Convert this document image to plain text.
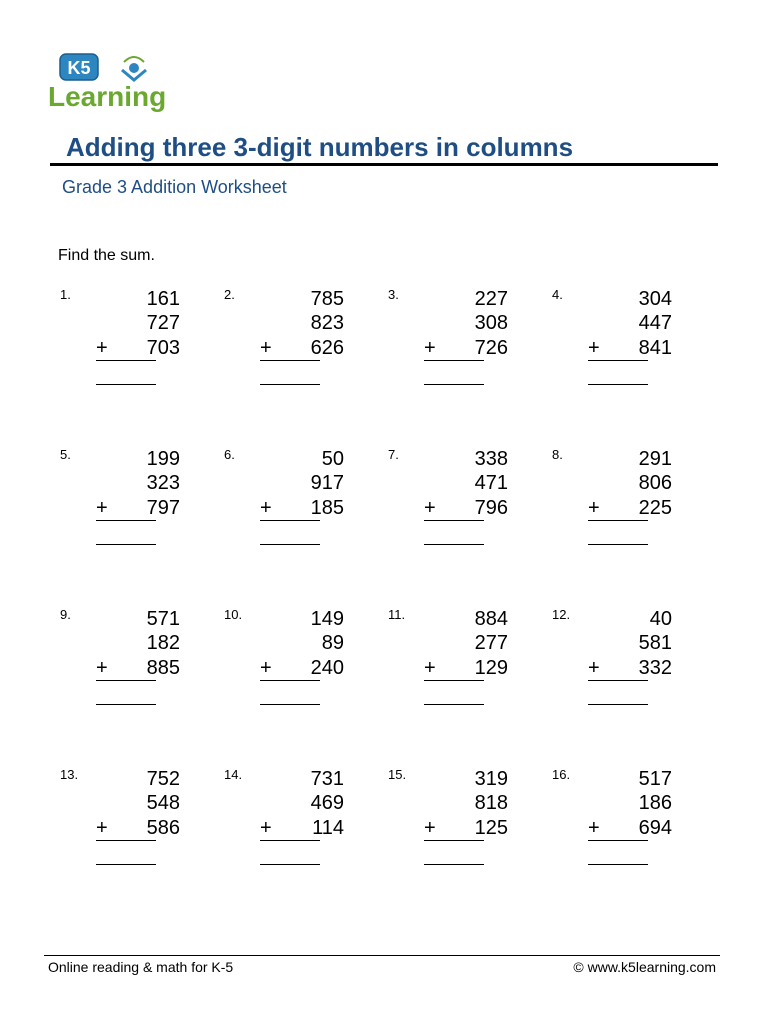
K5
Learning
Adding three 3-digit numbers in columns
Grade 3 Addition Worksheet
Find the sum.
1.	161
727
+	703
2.	785
823
+	626
3.	227
308
+	726
4.	304
447
+	841
5.	199
323
+	797
6.	50
917
+	185
7.	338
471
+	796
8.	291
806
+	225
9.	571
182
+	885
10.	149
89
+	240
11.	884
277
+	129
12.	40
581
+	332
13.	752
548
+	586
14.	731
469
+	114
15.	319
818
+	125
16.	517
186
+	694
Online reading & math for K-5	© www.k5learning.com
